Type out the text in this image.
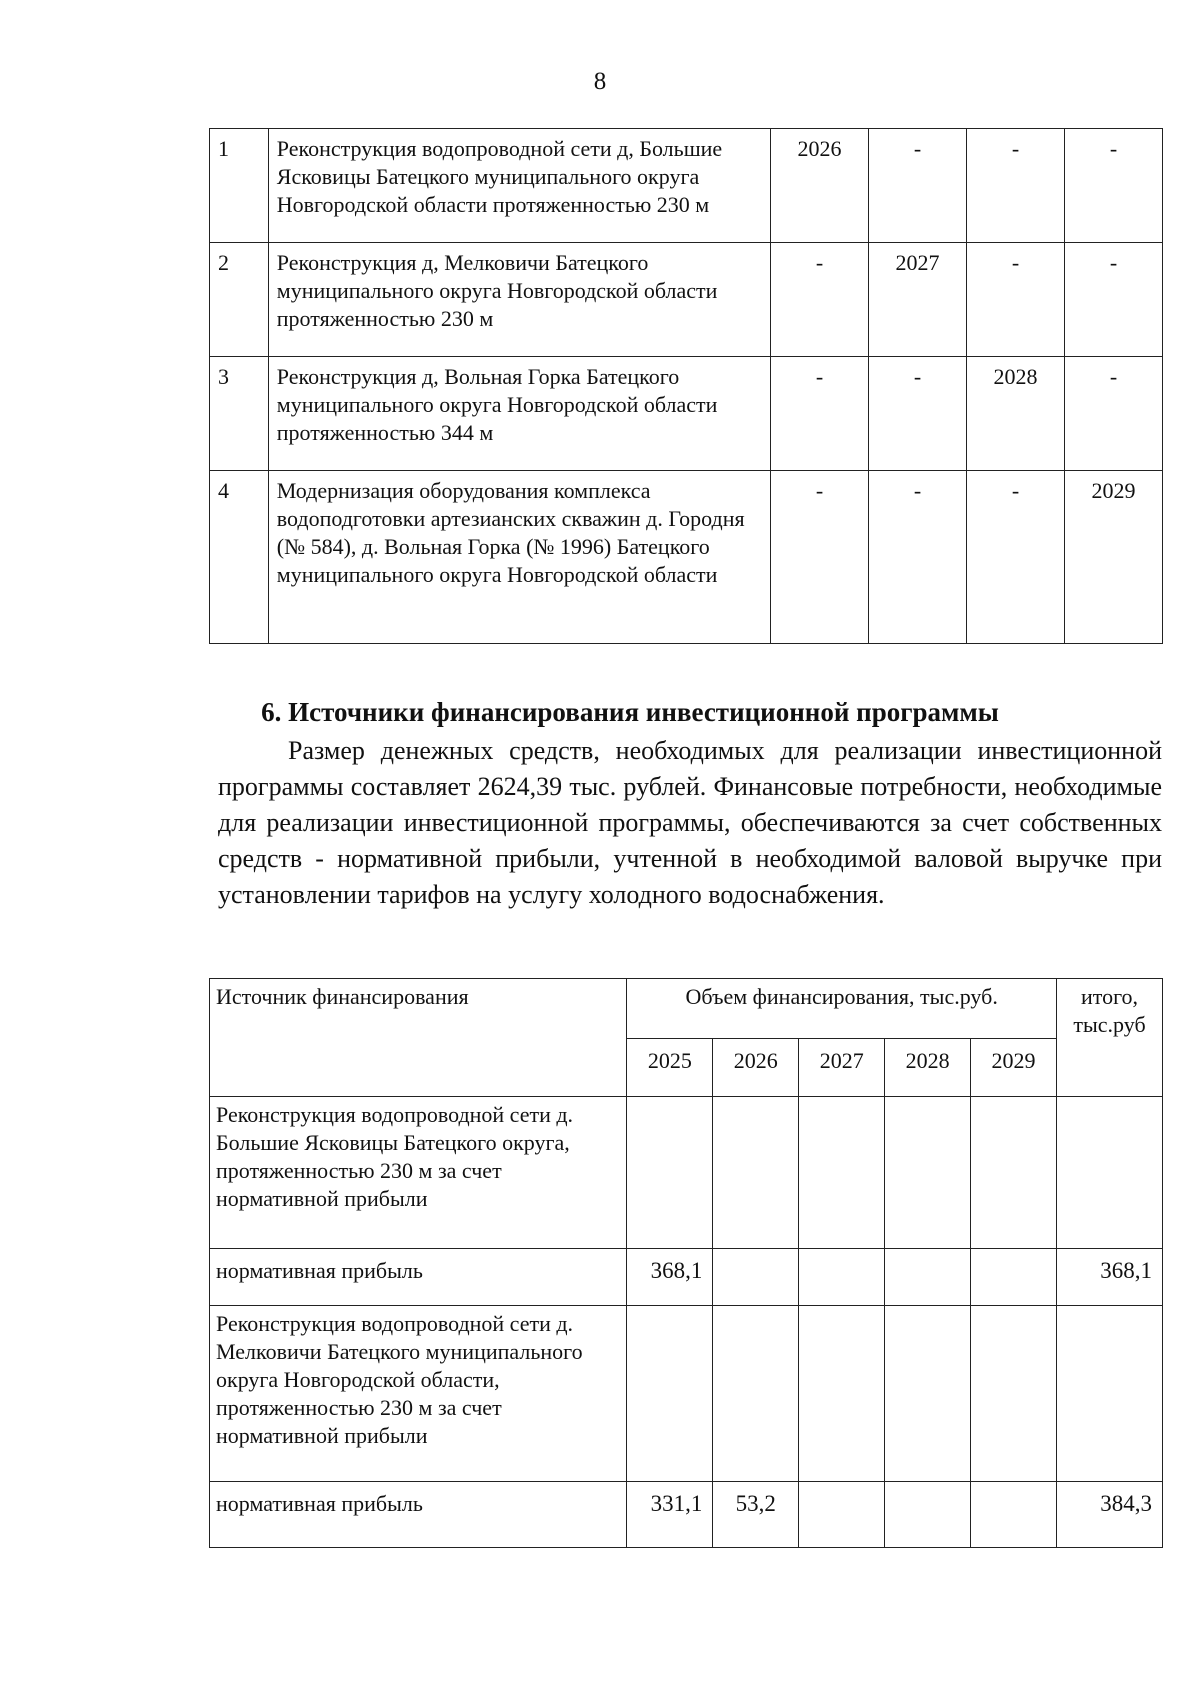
8
1	Реконструкция водопроводной сети д, Большие Ясковицы Батецкого муниципального округа Новгородской области протяженностью 230 м	2026	-	-	-
2	Реконструкция д, Мелковичи Батецкого муниципального округа Новгородской области протяженностью 230 м	-	2027	-	-
3	Реконструкция д, Вольная Горка Батецкого муниципального округа Новгородской области протяженностью 344 м	-	-	2028	-
4	Модернизация оборудования комплекса водоподготовки артезианских скважин д. Городня (№ 584), д. Вольная Горка (№ 1996) Батецкого муниципального округа Новгородской области	-	-	-	2029
6. Источники финансирования инвестиционной программы
Размер денежных средств, необходимых для реализации инвестиционной программы составляет 2624,39 тыс. рублей. Финансовые потребности, необходимые для реализации инвестиционной программы, обеспечиваются за счет собственных средств - нормативной прибыли, учтенной в необходимой валовой выручке при установлении тарифов на услугу холодного водоснабжения.
Источник финансирования	Объем финансирования, тыс.руб.					итого, тыс.руб
	2025	2026	2027	2028	2029	
Реконструкция водопроводной сети д. Большие Ясковицы Батецкого округа, протяженностью 230 м за счет нормативной прибыли						
нормативная прибыль	368,1					368,1
Реконструкция водопроводной сети д. Мелковичи Батецкого муниципального округа Новгородской области, протяженностью 230 м за счет нормативной прибыли						
нормативная прибыль	331,1	53,2				384,3
